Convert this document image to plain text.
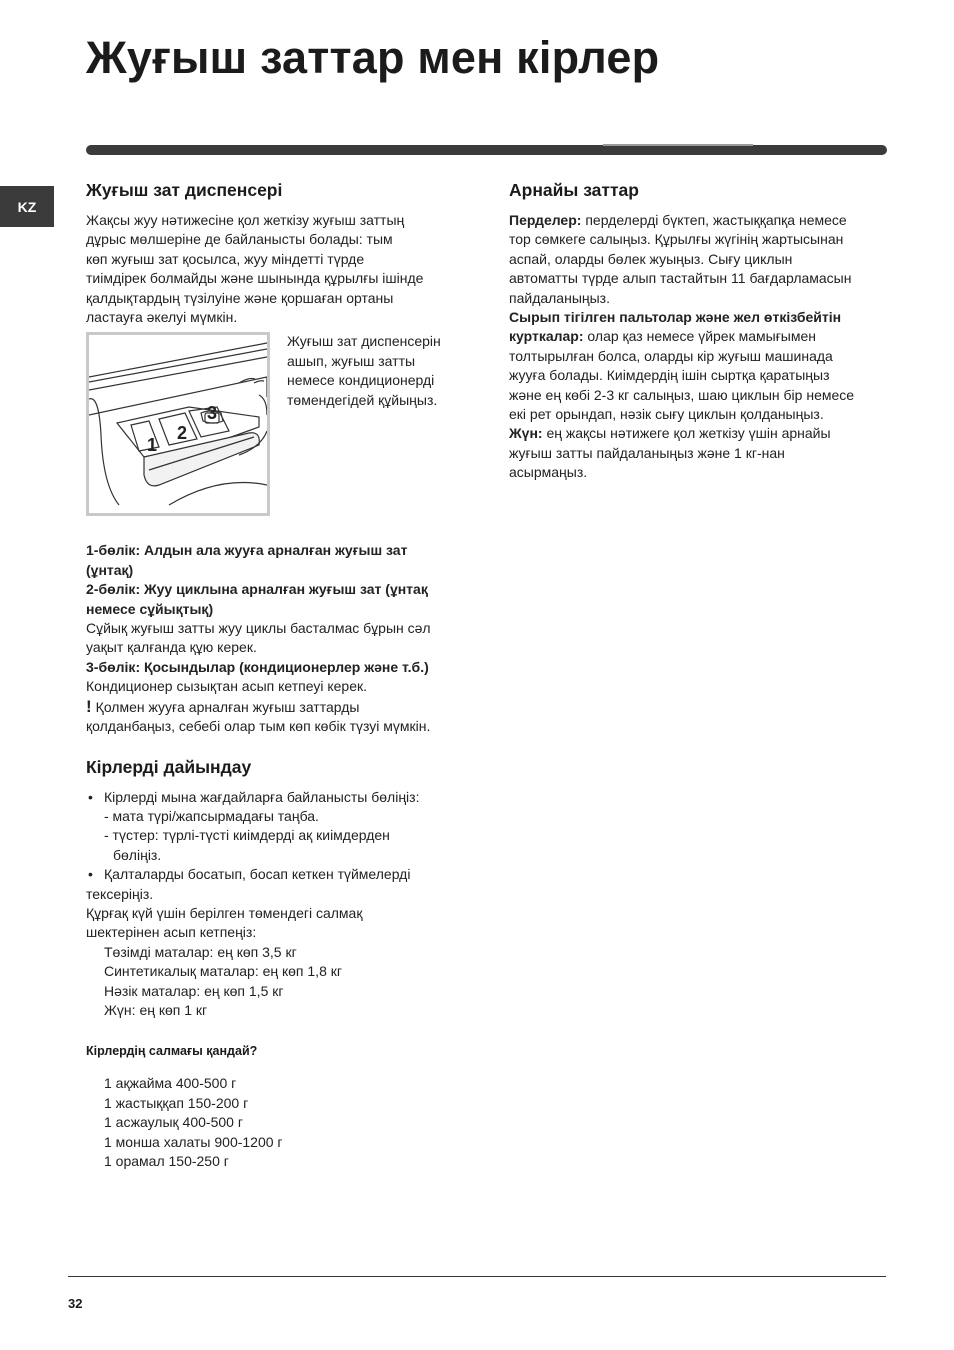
Жуғыш заттар мен кірлер
KZ
Жуғыш зат диспенсері
Жақсы жуу нәтижесіне қол жеткізу жуғыш заттың
дұрыс мөлшеріне де байланысты болады: тым
көп жуғыш зат қосылса, жуу міндетті түрде
тиімдірек болмайды және шынында құрылғы ішінде
қалдықтардың түзілуіне және қоршаған ортаны
ластауға әкелуі мүмкін.
1
2
3
Жуғыш зат диспенсерін
ашып, жуғыш затты
немесе кондиционерді
төмендегідей құйыңыз.
1-бөлік: Алдын ала жууға арналған жуғыш зат
(ұнтақ)
2-бөлік: Жуу циклына арналған жуғыш зат (ұнтақ
немесе сұйықтық)
Сұйық жуғыш затты жуу циклы басталмас бұрын сәл
уақыт қалғанда құю керек.
3-бөлік: Қосындылар (кондиционерлер және т.б.)
Кондиционер сызықтан асып кетпеуі керек.
! Қолмен жууға арналған жуғыш заттарды
қолданбаңыз, себебі олар тым көп көбік түзуі мүмкін.
Кірлерді дайындау
• Кірлерді мына жағдайларға байланысты бөліңіз:
- мата түрі/жапсырмадағы таңба.
- түстер: түрлі-түсті киімдерді ақ киімдерден
бөліңіз.
• Қалталарды босатып, босап кеткен түймелерді
тексеріңіз.
Құрғақ күй үшін берілген төмендегі салмақ
шектерінен асып кетпеңіз:
Төзімді маталар: ең көп 3,5 кг
Синтетикалық маталар: ең көп 1,8 кг
Нәзік маталар: ең көп 1,5 кг
Жүн: ең көп 1 кг
Кірлердің салмағы қандай?
1 ақжайма 400-500 г
1 жастыққап 150-200 г
1 асжаулық 400-500 г
1 монша халаты 900-1200 г
1 орамал 150-250 г
Арнайы заттар
Перделер: перделерді бүктеп, жастыққапқа немесе
тор сөмкеге салыңыз. Құрылғы жүгінің жартысынан
аспай, оларды бөлек жуыңыз. Сығу циклын
автоматты түрде алып тастайтын 11 бағдарламасын
пайдаланыңыз.
Сырып тігілген пальтолар және жел өткізбейтін
курткалар: олар қаз немесе үйрек мамығымен
толтырылған болса, оларды кір жуғыш машинада
жууға болады. Киімдердің ішін сыртқа қаратыңыз
және ең көбі 2-3 кг салыңыз, шаю циклын бір немесе
екі рет орындап, нәзік сығу циклын қолданыңыз.
Жүн: ең жақсы нәтижеге қол жеткізу үшін арнайы
жуғыш затты пайдаланыңыз және 1 кг-нан
асырмаңыз.
32
